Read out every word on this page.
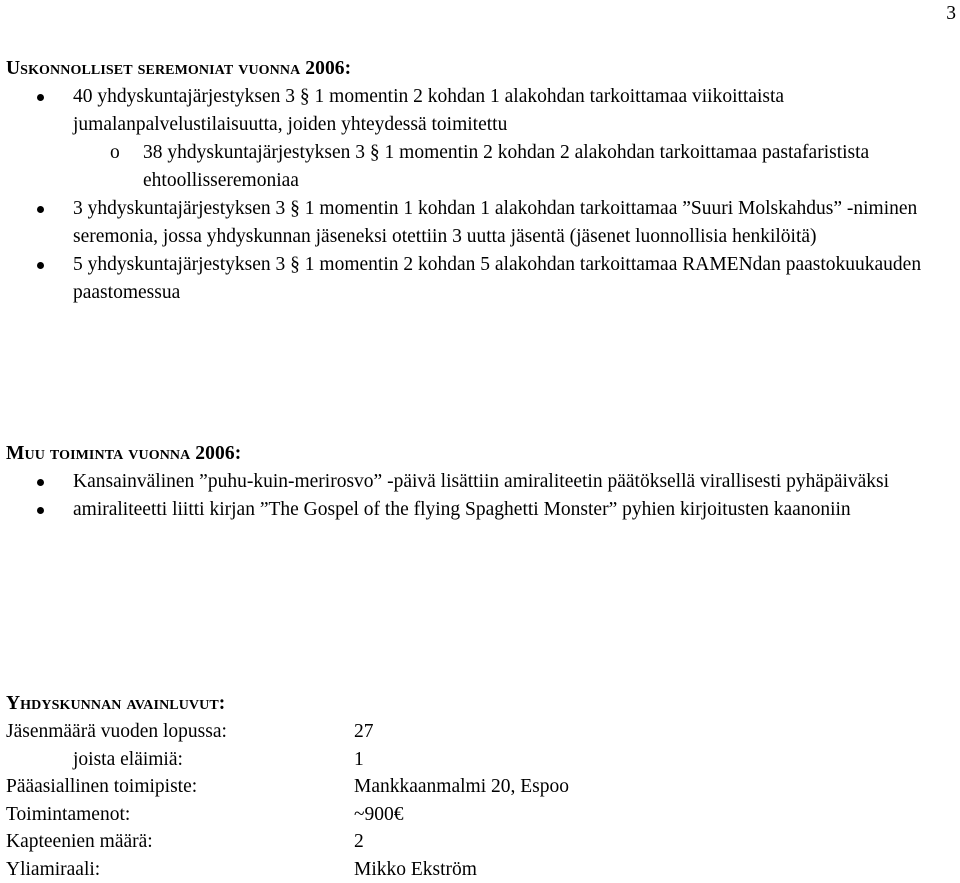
3

Uskonnolliset seremoniat vuonna 2006:

40 yhdyskuntajärjestyksen 3 § 1 momentin 2 kohdan 1 alakohdan tarkoittamaa viikoittaista jumalanpalvelustilaisuutta, joiden yhteydessä toimitettu
o 38 yhdyskuntajärjestyksen 3 § 1 momentin 2 kohdan 2 alakohdan tarkoittamaa pastafaristista ehtoollisseremoniaa
3 yhdyskuntajärjestyksen 3 § 1 momentin 1 kohdan 1 alakohdan tarkoittamaa ”Suuri Molskahdus” -niminen seremonia, jossa yhdyskunnan jäseneksi otettiin 3 uutta jäsentä (jäsenet luonnollisia henkilöitä)
5 yhdyskuntajärjestyksen 3 § 1 momentin 2 kohdan 5 alakohdan tarkoittamaa RAMENdan paastokuukauden paastomessua

Muu toiminta vuonna 2006:

Kansainvälinen ”puhu-kuin-merirosvo” -päivä lisättiin amiraliteetin päätöksellä virallisesti pyhäpäiväksi
amiraliteetti liitti kirjan ”The Gospel of the flying Spaghetti Monster” pyhien kirjoitusten kaanoniin

Yhdyskunnan avainluvut:

Jäsenmäärä vuoden lopussa:	27
joista eläimiä:	1
Pääasiallinen toimipiste:	Mankkaanmalmi 20, Espoo
Toimintamenot:	~900€
Kapteenien määrä:	2
Yliamiraali:	Mikko Ekström
